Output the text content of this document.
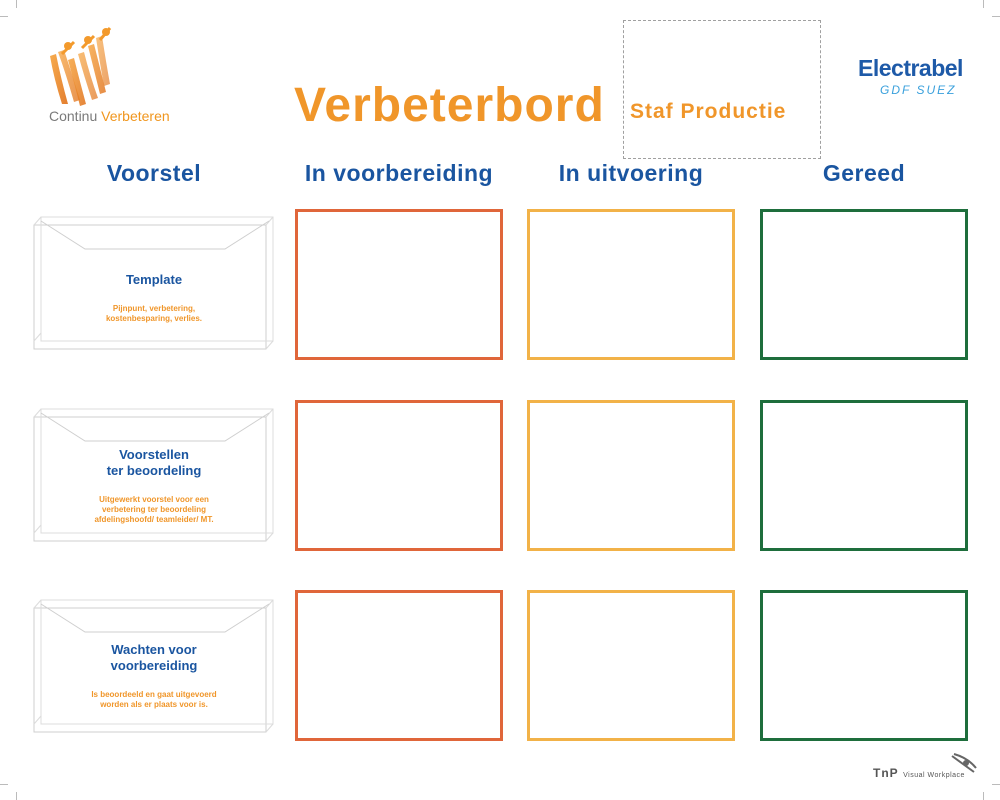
Continu Verbeteren	Verbeterbord Staf Productie
Electrabel
GDF SUEZ
Voorstel	In voorbereiding	In uitvoering	Gereed
Template
Pijnpunt, verbetering,
kostenbesparing, verlies.
Voorstellen
ter beoordeling
Uitgewerkt voorstel voor een
verbetering ter beoordeling
afdelingshoofd/ teamleider/ MT.
Wachten voor
voorbereiding
Is beoordeeld en gaat uitgevoerd
worden als er plaats voor is.
TnP Visual Workplace
